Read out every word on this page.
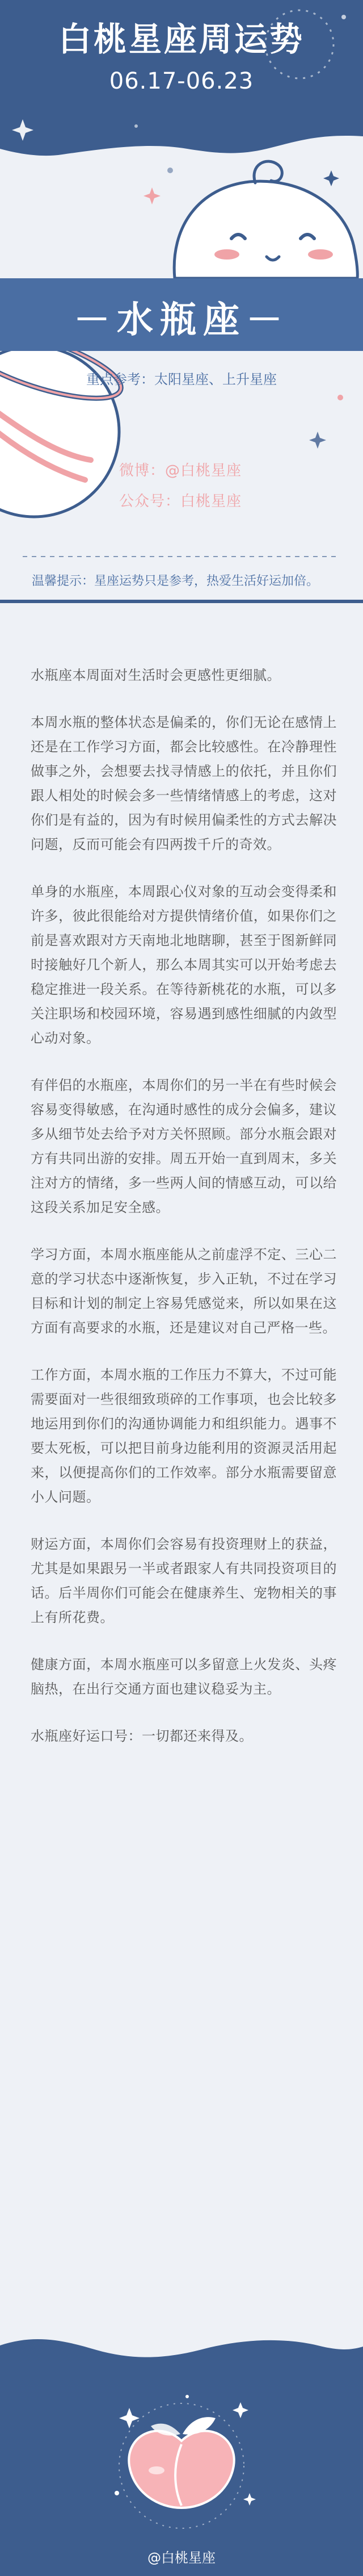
白桃星座周运势
06.17-06.23
－水瓶座－
重点参考：太阳星座、上升星座
微博：@白桃星座
公众号：白桃星座
温馨提示：星座运势只是参考，热爱生活好运加倍。

水瓶座本周面对生活时会更感性更细腻。

本周水瓶的整体状态是偏柔的，你们无论在感情上还是在工作学习方面，都会比较感性。在冷静理性做事之外，会想要去找寻情感上的依托，并且你们跟人相处的时候会多一些情绪情感上的考虑，这对你们是有益的，因为有时候用偏柔性的方式去解决问题，反而可能会有四两拨千斤的奇效。

单身的水瓶座，本周跟心仪对象的互动会变得柔和许多，彼此很能给对方提供情绪价值，如果你们之前是喜欢跟对方天南地北地瞎聊，甚至于图新鲜同时接触好几个新人，那么本周其实可以开始考虑去稳定推进一段关系。在等待新桃花的水瓶，可以多关注职场和校园环境，容易遇到感性细腻的内敛型心动对象。

有伴侣的水瓶座，本周你们的另一半在有些时候会容易变得敏感，在沟通时感性的成分会偏多，建议多从细节处去给予对方关怀照顾。部分水瓶会跟对方有共同出游的安排。周五开始一直到周末，多关注对方的情绪，多一些两人间的情感互动，可以给这段关系加足安全感。

学习方面，本周水瓶座能从之前虚浮不定、三心二意的学习状态中逐渐恢复，步入正轨，不过在学习目标和计划的制定上容易凭感觉来，所以如果在这方面有高要求的水瓶，还是建议对自己严格一些。

工作方面，本周水瓶的工作压力不算大，不过可能需要面对一些很细致琐碎的工作事项，也会比较多地运用到你们的沟通协调能力和组织能力。遇事不要太死板，可以把目前身边能利用的资源灵活用起来，以便提高你们的工作效率。部分水瓶需要留意小人问题。

财运方面，本周你们会容易有投资理财上的获益，尤其是如果跟另一半或者跟家人有共同投资项目的话。后半周你们可能会在健康养生、宠物相关的事上有所花费。

健康方面，本周水瓶座可以多留意上火发炎、头疼脑热，在出行交通方面也建议稳妥为主。

水瓶座好运口号：一切都还来得及。

@白桃星座
